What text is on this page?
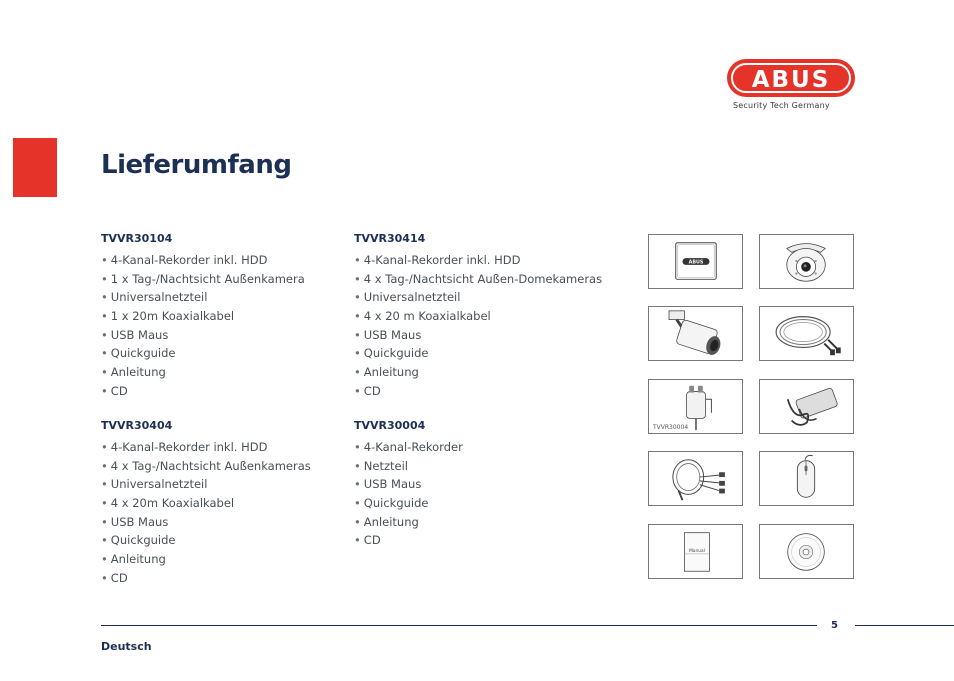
ABUS
Security Tech Germany
Lieferumfang
TVVR30104
• 4-Kanal-Rekorder inkl. HDD
• 1 x Tag-/Nachtsicht Außenkamera
• Universalnetzteil
• 1 x 20m Koaxialkabel
• USB Maus
• Quickguide
• Anleitung
• CD
TVVR30414
• 4-Kanal-Rekorder inkl. HDD
• 4 x Tag-/Nachtsicht Außen-Domekameras
• Universalnetzteil
• 4 x 20 m Koaxialkabel
• USB Maus
• Quickguide
• Anleitung
• CD
TVVR30404
• 4-Kanal-Rekorder inkl. HDD
• 4 x Tag-/Nachtsicht Außenkameras
• Universalnetzteil
• 4 x 20m Koaxialkabel
• USB Maus
• Quickguide
• Anleitung
• CD
TVVR30004
• 4-Kanal-Rekorder
• Netzteil
• USB Maus
• Quickguide
• Anleitung
• CD
ABUS
TVVR30004
Manual
5
Deutsch
